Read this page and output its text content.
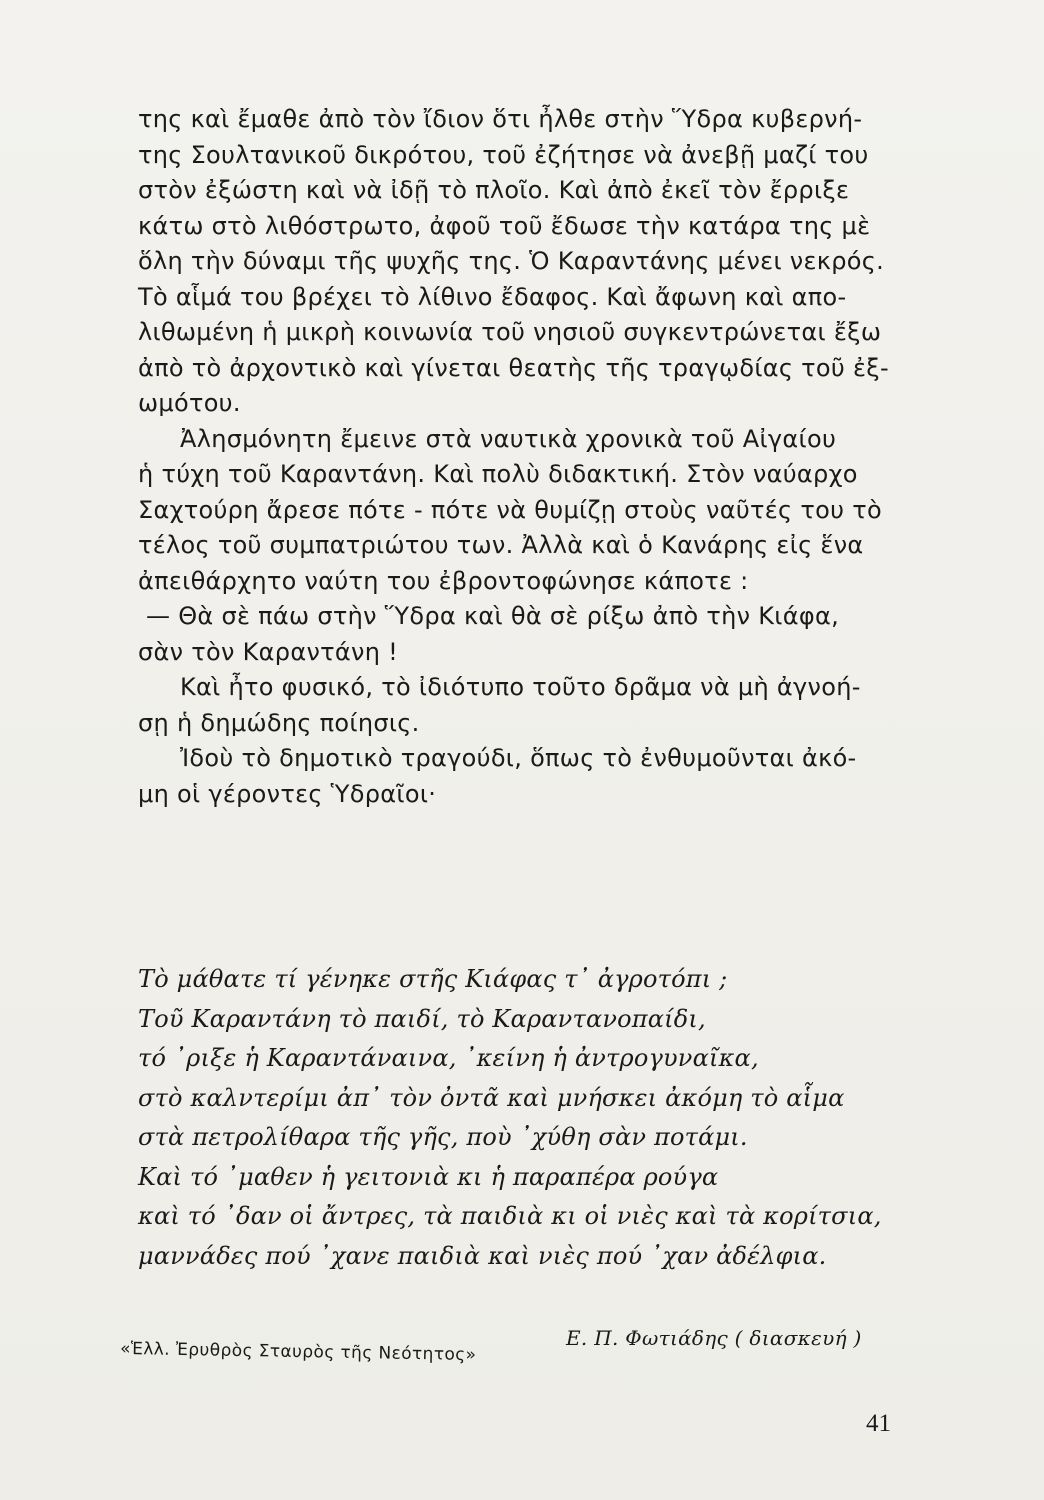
της καὶ ἔμαθε ἀπὸ τὸν ἴδιον ὅτι ἦλθε στὴν Ὕδρα κυβερνή-
της Σουλτανικοῦ δικρότου, τοῦ ἐζήτησε νὰ ἀνεβῇ μαζί του
στὸν ἐξώστη καὶ νὰ ἰδῇ τὸ πλοῖο. Καὶ ἀπὸ ἐκεῖ τὸν ἔρριξε
κάτω στὸ λιθόστρωτο, ἀφοῦ τοῦ ἔδωσε τὴν κατάρα της μὲ
ὅλη τὴν δύναμι τῆς ψυχῆς της. Ὁ Καραντάνης μένει νεκρός.
Τὸ αἷμά του βρέχει τὸ λίθινο ἔδαφος. Καὶ ἄφωνη καὶ απο-
λιθωμένη ἡ μικρὴ κοινωνία τοῦ νησιοῦ συγκεντρώνεται ἔξω
ἀπὸ τὸ ἀρχοντικὸ καὶ γίνεται θεατὴς τῆς τραγῳδίας τοῦ ἐξ-
ωμότου.
Ἀλησμόνητη ἔμεινε στὰ ναυτικὰ χρονικὰ τοῦ Αἰγαίου
ἡ τύχη τοῦ Καραντάνη. Καὶ πολὺ διδακτική. Στὸν ναύαρχο
Σαχτούρη ἄρεσε πότε - πότε νὰ θυμίζῃ στοὺς ναῦτές του τὸ
τέλος τοῦ συμπατριώτου των. Ἀλλὰ καὶ ὁ Κανάρης εἰς ἕνα
ἀπειθάρχητο ναύτη του ἐβροντοφώνησε κάποτε :
— Θὰ σὲ πάω στὴν Ὕδρα καὶ θὰ σὲ ρίξω ἀπὸ τὴν Κιάφα,
σὰν τὸν Καραντάνη !
Καὶ ἦτο φυσικό, τὸ ἰδιότυπο τοῦτο δρᾶμα νὰ μὴ ἀγνοή-
σῃ ἡ δημώδης ποίησις.
Ἰδοὺ τὸ δημοτικὸ τραγούδι, ὅπως τὸ ἐνθυμοῦνται ἀκό-
μη οἱ γέροντες Ὑδραῖοι·
Τὸ μάθατε τί γένηκε στῆς Κιάφας τ᾽ ἀγροτόπι ;
Τοῦ Καραντάνη τὸ παιδί, τὸ Καραντανοπαίδι,
τό ᾽ριξε ἡ Καραντάναινα, ᾽κείνη ἡ ἀντρογυναῖκα,
στὸ καλντερίμι ἀπ᾽ τὸν ὀντᾶ καὶ μνήσκει ἀκόμη τὸ αἷμα
στὰ πετρολίθαρα τῆς γῆς, ποὺ ᾽χύθη σὰν ποτάμι.
Καὶ τό ᾽μαθεν ἡ γειτονιὰ κι ἡ παραπέρα ρούγα
καὶ τό ᾽δαν οἱ ἄντρες, τὰ παιδιὰ κι οἱ νιὲς καὶ τὰ κορίτσια,
μαννάδες πού ᾽χανε παιδιὰ καὶ νιὲς πού ᾽χαν ἀδέλφια.
«Ἑλλ. Ἐρυθρὸς Σταυρὸς τῆς Νεότητος»
Ε. Π. Φωτιάδης ( διασκευή )
41
